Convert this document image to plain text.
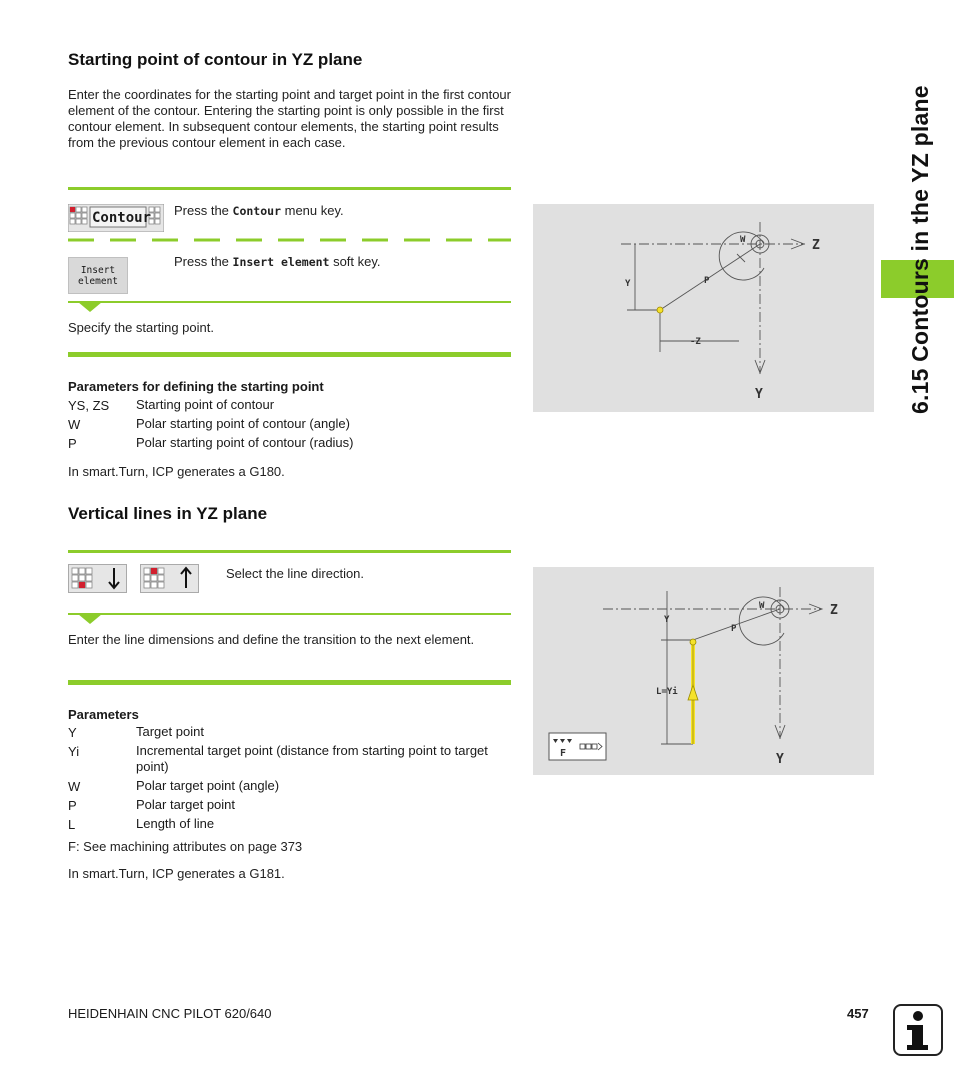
6.15 Contours in the YZ plane
Starting point of contour in YZ plane

Enter the coordinates for the starting point and target point in the first contour element of the contour. Entering the starting point is only possible in the first contour element. In subsequent contour elements, the starting point results from the previous contour element in each case.

Contour Press the Contour menu key.
Insert
element
Press the Insert element soft key.

Specify the starting point.

Parameters for defining the starting point
YS, ZS	Starting point of contour
W	Polar starting point of contour (angle)
P	Polar starting point of contour (radius)

In smart.Turn, ICP generates a G180.

Z
Y
W
P
Y
-Z
Vertical lines in YZ plane

Select the line direction.

Enter the line dimensions and define the transition to the next element.

Parameters
Y	Target point
Yi	Incremental target point (distance from starting point to target point)
W	Polar target point (angle)
P	Polar target point
L	Length of line

F: See machining attributes on page 373

In smart.Turn, ICP generates a G181.

Z
Y
W
P
Y
L=Yi
F
HEIDENHAIN CNC PILOT 620/640	457
